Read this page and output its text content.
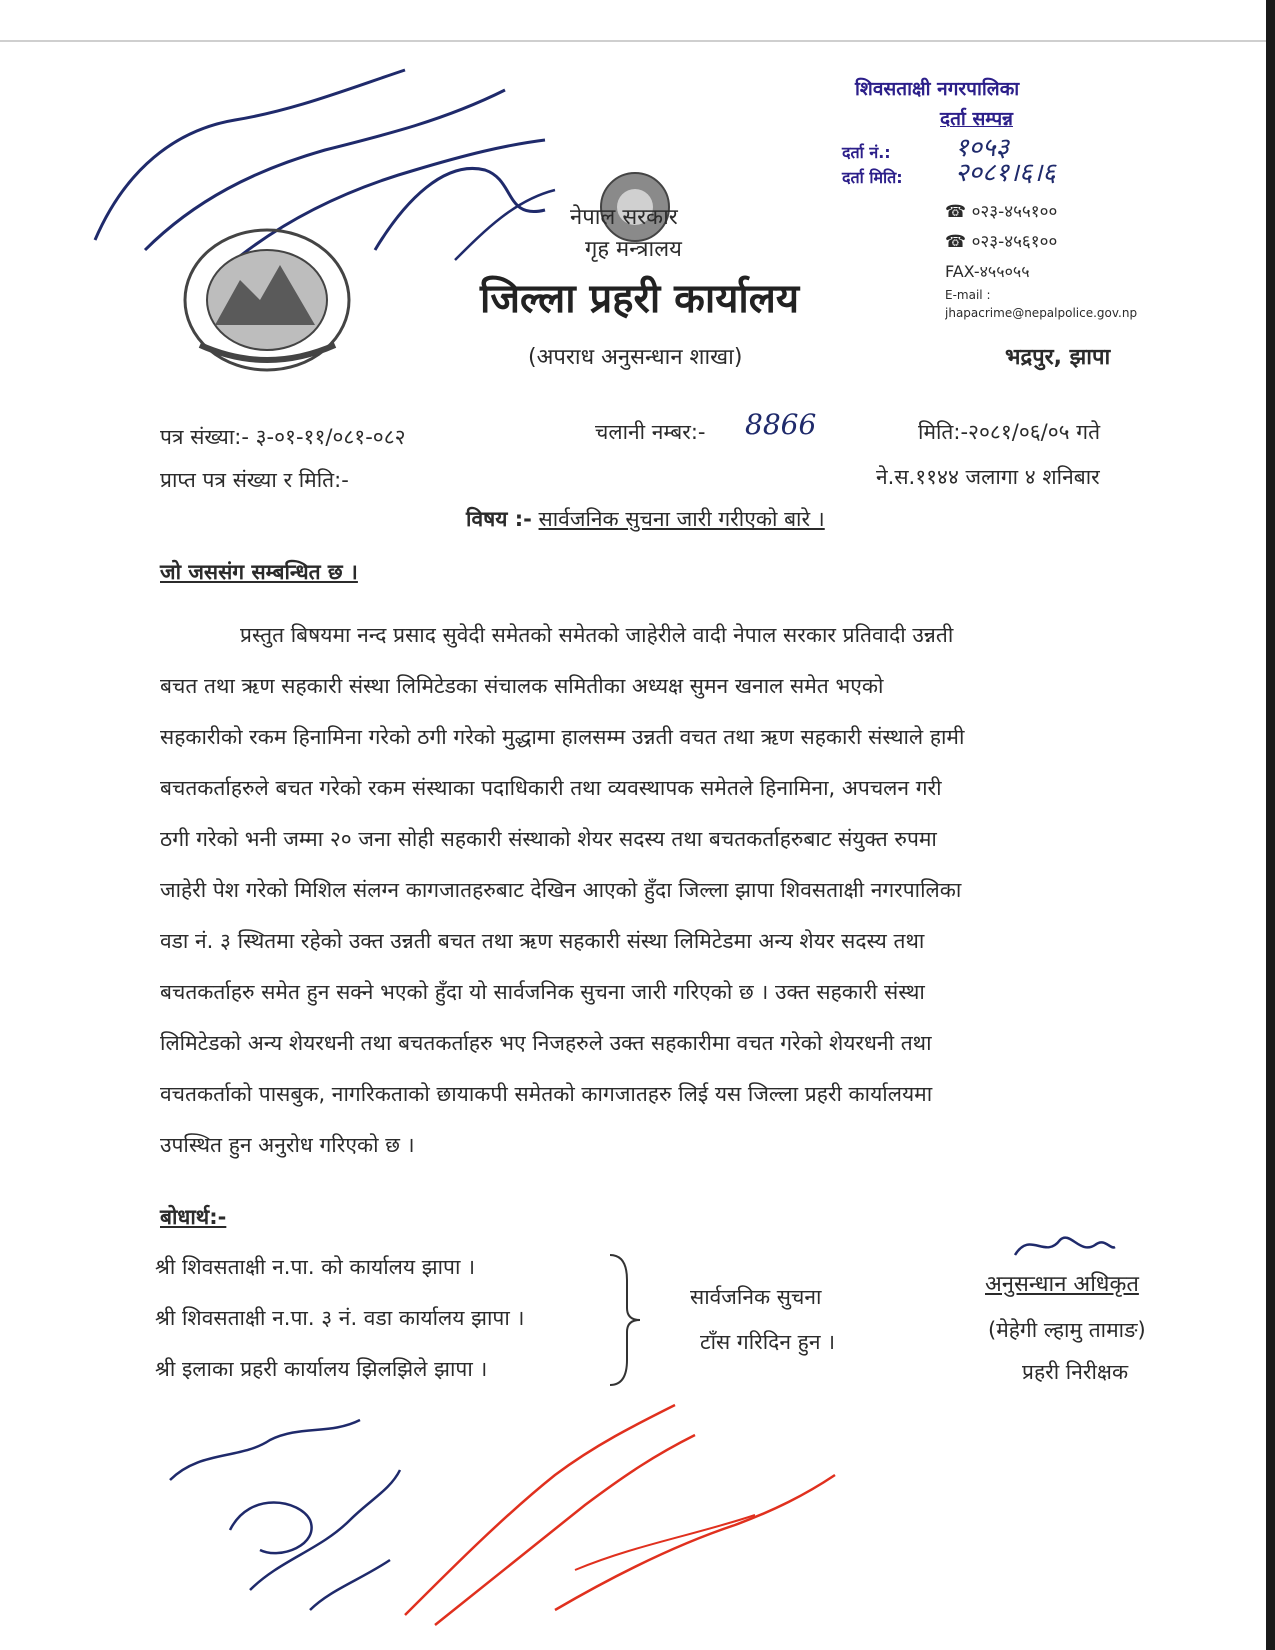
नेपाल सरकार
गृह मन्त्रालय
जिल्ला प्रहरी कार्यालय
(अपराध अनुसन्धान शाखा)
☎ ०२३-४५५१००
☎ ०२३-४५६१००
FAX-४५५०५५
E-mail :
jhapacrime@nepalpolice.gov.np
भद्रपुर, झापा
शिवसताक्षी नगरपालिका
दर्ता सम्पन्न
दर्ता नं.: १०५३
दर्ता मिति: २०८१।६।६
पत्र संख्या:- ३-०१-११/०८१-०८२	चलानी नम्बर:- 8866	मिति:-२०८१/०६/०५ गते
प्राप्त पत्र संख्या र मिति:-	ने.स.११४४ जलागा ४ शनिबार
विषय :- सार्वजनिक सुचना जारी गरीएको बारे ।
जो जससंग सम्बन्धित छ ।
प्रस्तुत बिषयमा नन्द प्रसाद सुवेदी समेतको समेतको जाहेरीले वादी नेपाल सरकार प्रतिवादी उन्नती
बचत तथा ऋण सहकारी संस्था लिमिटेडका संचालक समितीका अध्यक्ष सुमन खनाल समेत भएको
सहकारीको रकम हिनामिना गरेको ठगी गरेको मुद्धामा हालसम्म उन्नती वचत तथा ऋण सहकारी संस्थाले हामी
बचतकर्ताहरुले बचत गरेको रकम संस्थाका पदाधिकारी तथा व्यवस्थापक समेतले हिनामिना, अपचलन गरी
ठगी गरेको भनी जम्मा २० जना सोही सहकारी संस्थाको शेयर सदस्य तथा बचतकर्ताहरुबाट संयुक्त रुपमा
जाहेरी पेश गरेको मिशिल संलग्न कागजातहरुबाट देखिन आएको हुँदा जिल्ला झापा शिवसताक्षी नगरपालिका
वडा नं. ३ स्थितमा रहेको उक्त उन्नती बचत तथा ऋण सहकारी संस्था लिमिटेडमा अन्य शेयर सदस्य तथा
बचतकर्ताहरु समेत हुन सक्ने भएको हुँदा यो सार्वजनिक सुचना जारी गरिएको छ । उक्त सहकारी संस्था
लिमिटेडको अन्य शेयरधनी तथा बचतकर्ताहरु भए निजहरुले उक्त सहकारीमा वचत गरेको शेयरधनी तथा
वचतकर्ताको पासबुक, नागरिकताको छायाकपी समेतको कागजातहरु लिई यस जिल्ला प्रहरी कार्यालयमा
उपस्थित हुन अनुरोध गरिएको छ ।
बोधार्थ:-
श्री शिवसताक्षी न.पा. को कार्यालय झापा ।
श्री शिवसताक्षी न.पा. ३ नं. वडा कार्यालय झापा ।
श्री इलाका प्रहरी कार्यालय झिलझिले झापा ।
सार्वजनिक सुचना
टाँस गरिदिन हुन ।
अनुसन्धान अधिकृत
(मेहेगी ल्हामु तामाङ)
प्रहरी निरीक्षक
